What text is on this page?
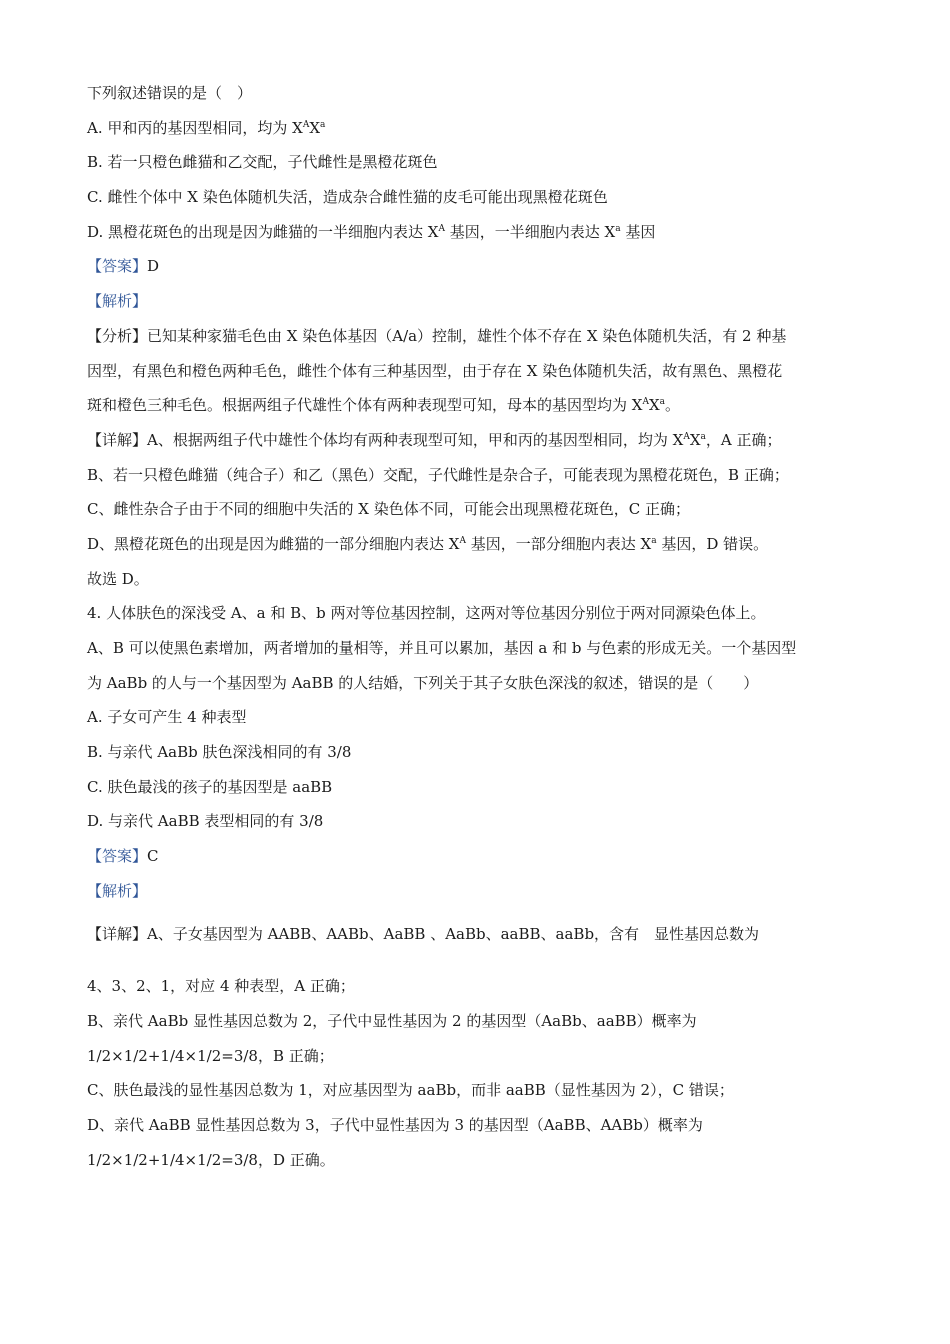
下列叙述错误的是（　）
A. 甲和丙的基因型相同，均为 $X^AX^a$
B. 若一只橙色雌猫和乙交配，子代雌性是黑橙花斑色
C. 雌性个体中 X 染色体随机失活，造成杂合雌性猫的皮毛可能出现黑橙花斑色
D. 黑橙花斑色的出现是因为雌猫的一半细胞内表达 $X^A$ 基因，一半细胞内表达 $X^a$ 基因
【答案】D
【解析】
【分析】已知某种家猫毛色由 X 染色体基因（A/a）控制，雄性个体不存在 X 染色体随机失活，有 2 种基
因型，有黑色和橙色两种毛色，雌性个体有三种基因型，由于存在 X 染色体随机失活，故有黑色、黑橙花
斑和橙色三种毛色。根据两组子代雄性个体有两种表现型可知，母本的基因型均为 $X^AX^a$。
【详解】A、根据两组子代中雄性个体均有两种表现型可知，甲和丙的基因型相同，均为 $X^AX^a$，A 正确；
B、若一只橙色雌猫（纯合子）和乙（黑色）交配，子代雌性是杂合子，可能表现为黑橙花斑色，B 正确；
C、雌性杂合子由于不同的细胞中失活的 X 染色体不同，可能会出现黑橙花斑色，C 正确；
D、黑橙花斑色的出现是因为雌猫的一部分细胞内表达 $X^A$ 基因，一部分细胞内表达 $X^a$ 基因，D 错误。
故选 D。
4. 人体肤色的深浅受 A、a 和 B、b 两对等位基因控制，这两对等位基因分别位于两对同源染色体上。
A、B 可以使黑色素增加，两者增加的量相等，并且可以累加，基因 a 和 b 与色素的形成无关。一个基因型
为 AaBb 的人与一个基因型为 AaBB 的人结婚，下列关于其子女肤色深浅的叙述，错误的是（　　）
A. 子女可产生 4 种表型
B. 与亲代 AaBb 肤色深浅相同的有 3/8
C. 肤色最浅的孩子的基因型是 aaBB
D. 与亲代 AaBB 表型相同的有 3/8
【答案】C
【解析】
【详解】A、子女基因型为 AABB、AABb、AaBB 、AaBb、aaBB、aaBb，含有　显性基因总数为
4、3、2、1，对应 4 种表型，A 正确；
B、亲代 AaBb 显性基因总数为 2，子代中显性基因为 2 的基因型（AaBb、aaBB）概率为
1/2×1/2+1/4×1/2=3/8，B 正确；
C、肤色最浅的显性基因总数为 1，对应基因型为 aaBb，而非 aaBB（显性基因为 2），C 错误；
D、亲代 AaBB 显性基因总数为 3，子代中显性基因为 3 的基因型（AaBB、AABb）概率为
1/2×1/2+1/4×1/2=3/8，D 正确。
